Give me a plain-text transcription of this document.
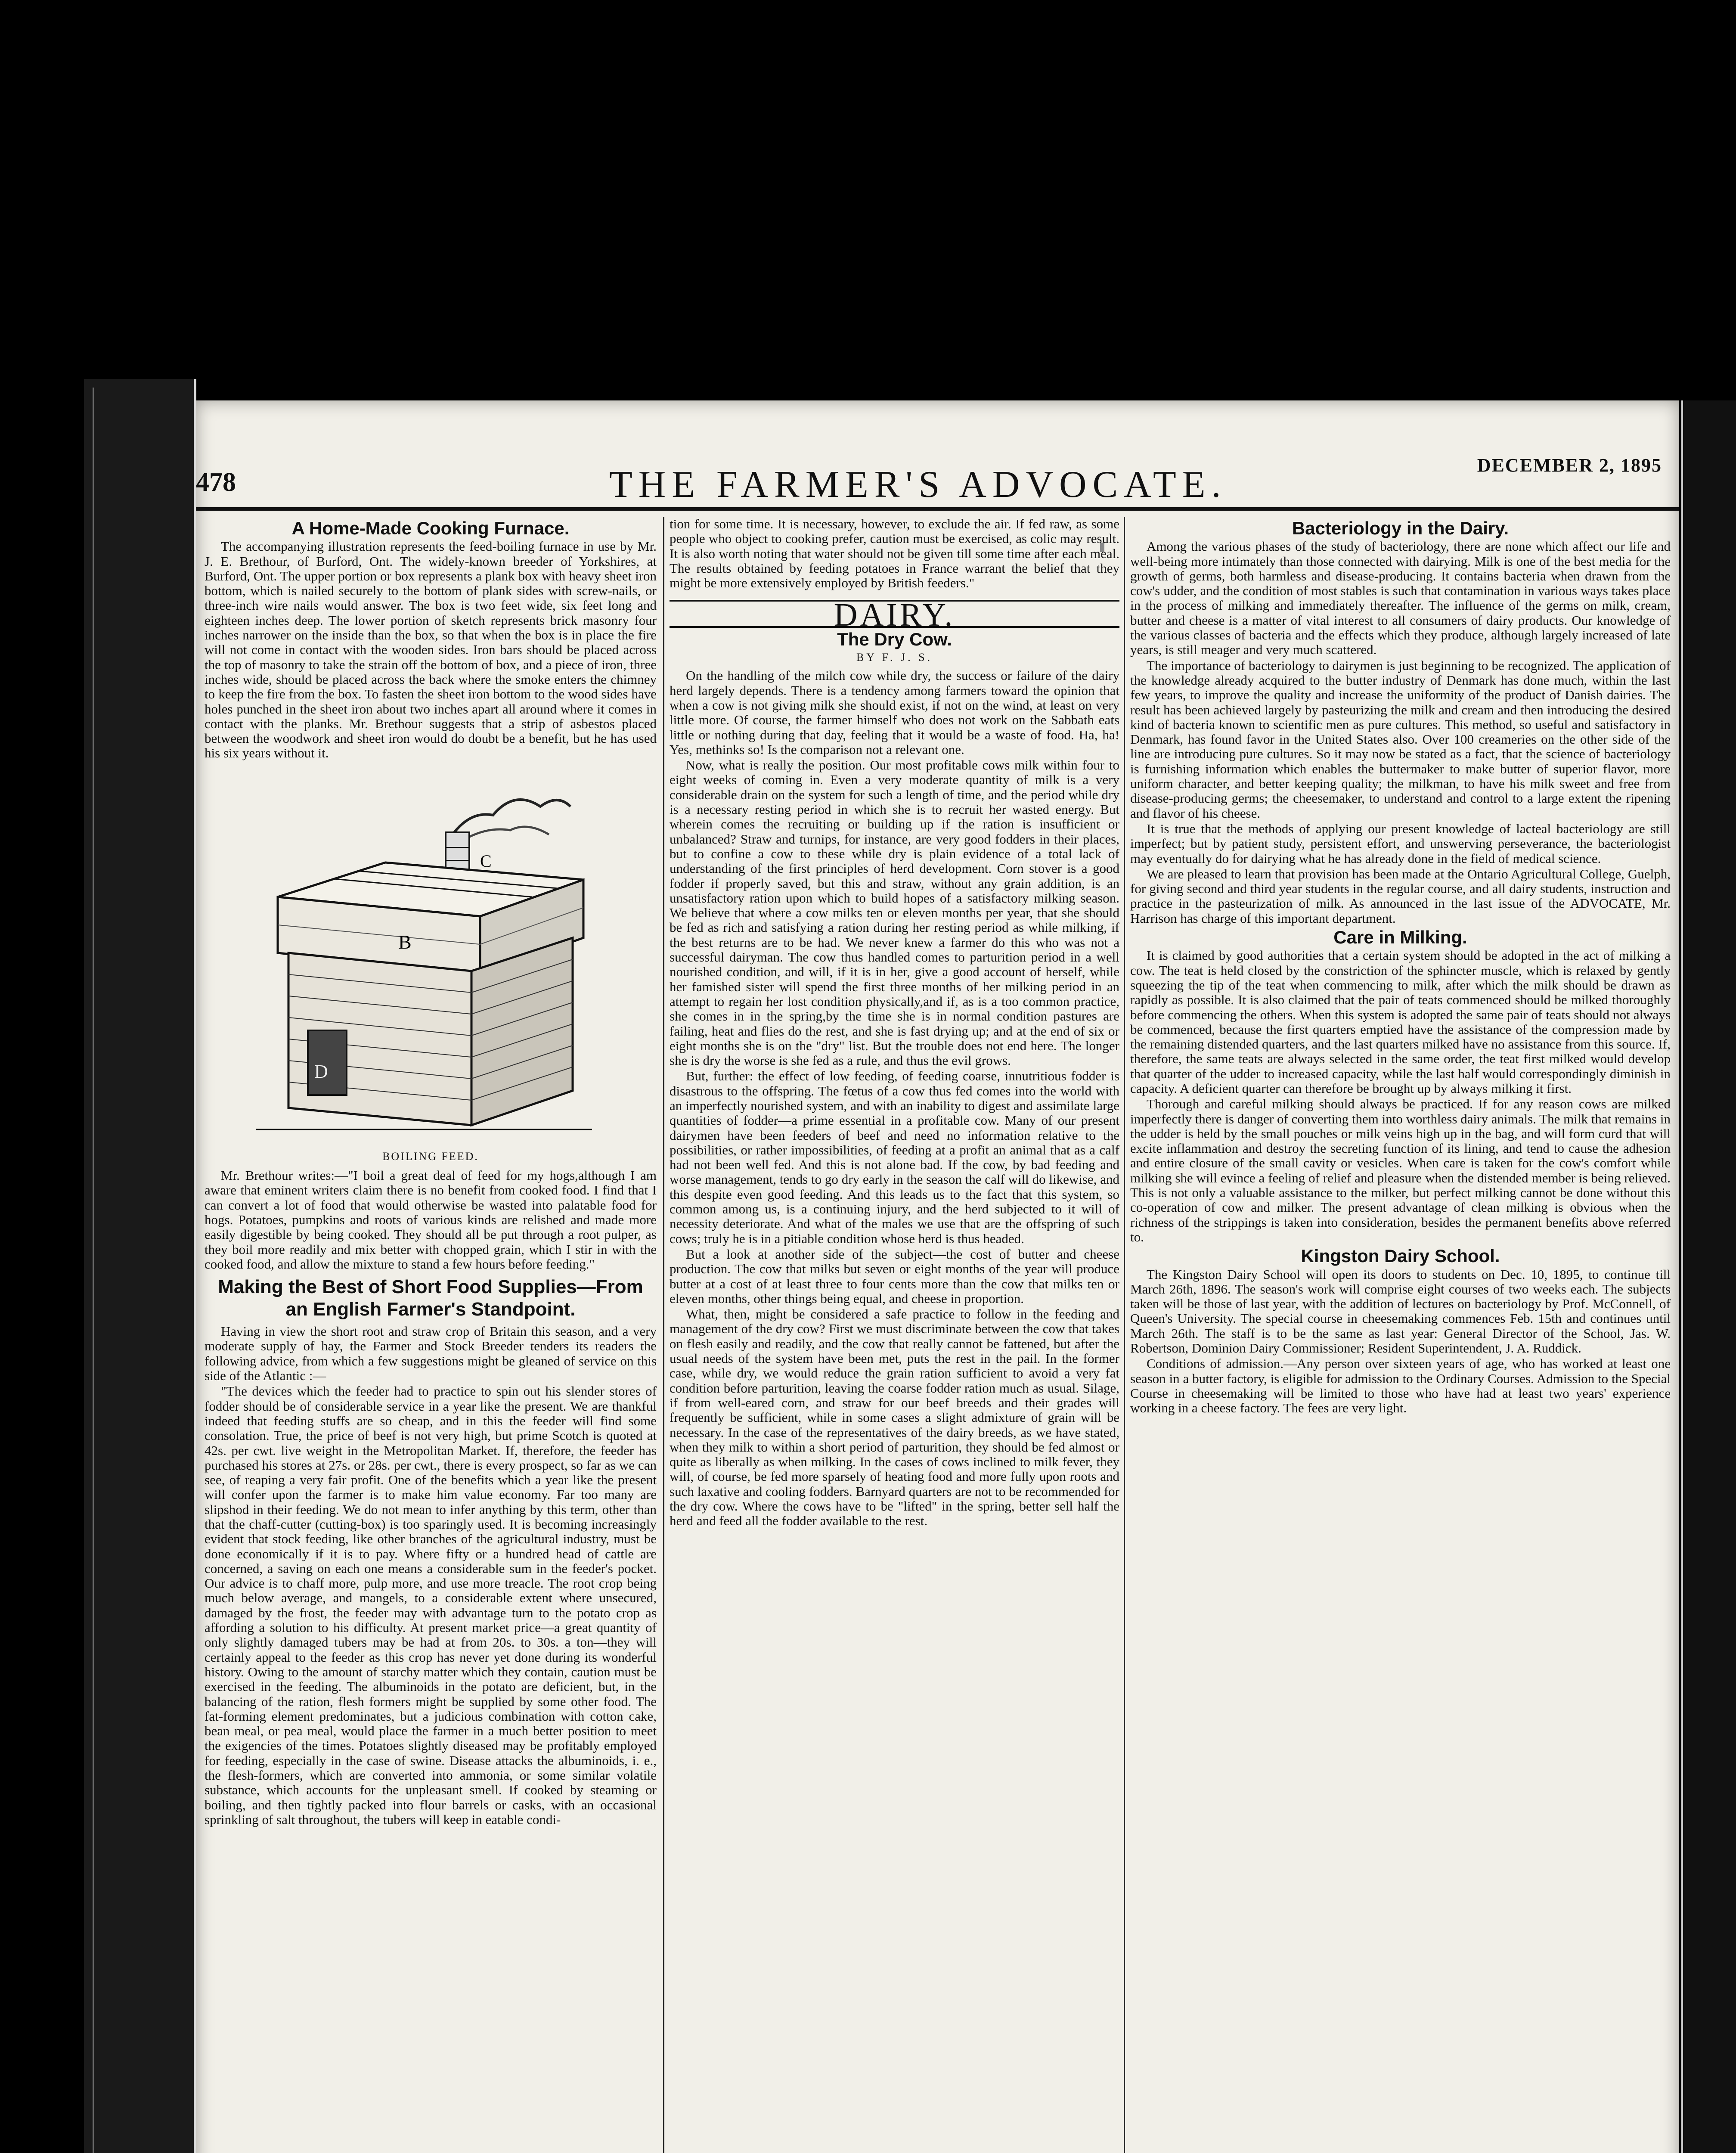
478	THE FARMER'S ADVOCATE.	DECEMBER 2, 1895
A Home-Made Cooking Furnace.

The accompanying illustration represents the feed-boiling furnace in use by Mr. J. E. Brethour, of Burford, Ont. The widely-known breeder of Yorkshires, at Burford, Ont. The upper portion or box represents a plank box with heavy sheet iron bottom, which is nailed securely to the bottom of plank sides with screw-nails, or three-inch wire nails would answer. The box is two feet wide, six feet long and eighteen inches deep. The lower portion of sketch represents brick masonry four inches narrower on the inside than the box, so that when the box is in place the fire will not come in contact with the wooden sides. Iron bars should be placed across the top of masonry to take the strain off the bottom of box, and a piece of iron, three inches wide, should be placed across the back where the smoke enters the chimney to keep the fire from the box. To fasten the sheet iron bottom to the wood sides have holes punched in the sheet iron about two inches apart all around where it comes in contact with the planks. Mr. Brethour suggests that a strip of asbestos placed between the woodwork and sheet iron would do doubt be a benefit, but he has used his six years without it.

C
B
D
BOILING FEED.

Mr. Brethour writes:—"I boil a great deal of feed for my hogs,although I am aware that eminent writers claim there is no benefit from cooked food. I find that I can convert a lot of food that would otherwise be wasted into palatable food for hogs. Potatoes, pumpkins and roots of various kinds are relished and made more easily digestible by being cooked. They should all be put through a root pulper, as they boil more readily and mix better with chopped grain, which I stir in with the cooked food, and allow the mixture to stand a few hours before feeding."

Making the Best of Short Food Supplies—From an English Farmer's Standpoint.

Having in view the short root and straw crop of Britain this season, and a very moderate supply of hay, the Farmer and Stock Breeder tenders its readers the following advice, from which a few suggestions might be gleaned of service on this side of the Atlantic :—

"The devices which the feeder had to practice to spin out his slender stores of fodder should be of considerable service in a year like the present. We are thankful indeed that feeding stuffs are so cheap, and in this the feeder will find some consolation. True, the price of beef is not very high, but prime Scotch is quoted at 42s. per cwt. live weight in the Metropolitan Market. If, therefore, the feeder has purchased his stores at 27s. or 28s. per cwt., there is every prospect, so far as we can see, of reaping a very fair profit. One of the benefits which a year like the present will confer upon the farmer is to make him value economy. Far too many are slipshod in their feeding. We do not mean to infer anything by this term, other than that the chaff-cutter (cutting-box) is too sparingly used. It is becoming increasingly evident that stock feeding, like other branches of the agricultural industry, must be done economically if it is to pay. Where fifty or a hundred head of cattle are concerned, a saving on each one means a considerable sum in the feeder's pocket. Our advice is to chaff more, pulp more, and use more treacle. The root crop being much below average, and mangels, to a considerable extent where unsecured, damaged by the frost, the feeder may with advantage turn to the potato crop as affording a solution to his difficulty. At present market price—a great quantity of only slightly damaged tubers may be had at from 20s. to 30s. a ton—they will certainly appeal to the feeder as this crop has never yet done during its wonderful history. Owing to the amount of starchy matter which they contain, caution must be exercised in the feeding. The albuminoids in the potato are deficient, but, in the balancing of the ration, flesh formers might be supplied by some other food. The fat-forming element predominates, but a judicious combination with cotton cake, bean meal, or pea meal, would place the farmer in a much better position to meet the exigencies of the times. Potatoes slightly diseased may be profitably employed for feeding, especially in the case of swine. Disease attacks the albuminoids, i. e., the flesh-formers, which are converted into ammonia, or some similar volatile substance, which accounts for the unpleasant smell. If cooked by steaming or boiling, and then tightly packed into flour barrels or casks, with an occasional sprinkling of salt throughout, the tubers will keep in eatable condi-

tion for some time. It is necessary, however, to exclude the air. If fed raw, as some people who object to cooking prefer, caution must be exercised, as colic may result. It is also worth noting that water should not be given till some time after each meal. The results obtained by feeding potatoes in France warrant the belief that they might be more extensively employed by British feeders."

DAIRY.
The Dry Cow.
BY F. J. S.

On the handling of the milch cow while dry, the success or failure of the dairy herd largely depends. There is a tendency among farmers toward the opinion that when a cow is not giving milk she should exist, if not on the wind, at least on very little more. Of course, the farmer himself who does not work on the Sabbath eats little or nothing during that day, feeling that it would be a waste of food. Ha, ha! Yes, methinks so! Is the comparison not a relevant one.

Now, what is really the position. Our most profitable cows milk within four to eight weeks of coming in. Even a very moderate quantity of milk is a very considerable drain on the system for such a length of time, and the period while dry is a necessary resting period in which she is to recruit her wasted energy. But wherein comes the recruiting or building up if the ration is insufficient or unbalanced? Straw and turnips, for instance, are very good fodders in their places, but to confine a cow to these while dry is plain evidence of a total lack of understanding of the first principles of herd development. Corn stover is a good fodder if properly saved, but this and straw, without any grain addition, is an unsatisfactory ration upon which to build hopes of a satisfactory milking season. We believe that where a cow milks ten or eleven months per year, that she should be fed as rich and satisfying a ration during her resting period as while milking, if the best returns are to be had. We never knew a farmer do this who was not a successful dairyman. The cow thus handled comes to parturition period in a well nourished condition, and will, if it is in her, give a good account of herself, while her famished sister will spend the first three months of her milking period in an attempt to regain her lost condition physically,and if, as is a too common practice, she comes in in the spring,by the time she is in normal condition pastures are failing, heat and flies do the rest, and she is fast drying up; and at the end of six or eight months she is on the "dry" list. But the trouble does not end here. The longer she is dry the worse is she fed as a rule, and thus the evil grows.

But, further: the effect of low feeding, of feeding coarse, innutritious fodder is disastrous to the offspring. The fœtus of a cow thus fed comes into the world with an imperfectly nourished system, and with an inability to digest and assimilate large quantities of fodder—a prime essential in a profitable cow. Many of our present dairymen have been feeders of beef and need no information relative to the possibilities, or rather impossibilities, of feeding at a profit an animal that as a calf had not been well fed. And this is not alone bad. If the cow, by bad feeding and worse management, tends to go dry early in the season the calf will do likewise, and this despite even good feeding. And this leads us to the fact that this system, so common among us, is a continuing injury, and the herd subjected to it will of necessity deteriorate. And what of the males we use that are the offspring of such cows; truly he is in a pitiable condition whose herd is thus headed.

But a look at another side of the subject—the cost of butter and cheese production. The cow that milks but seven or eight months of the year will produce butter at a cost of at least three to four cents more than the cow that milks ten or eleven months, other things being equal, and cheese in proportion.

What, then, might be considered a safe practice to follow in the feeding and management of the dry cow? First we must discriminate between the cow that takes on flesh easily and readily, and the cow that really cannot be fattened, but after the usual needs of the system have been met, puts the rest in the pail. In the former case, while dry, we would reduce the grain ration sufficient to avoid a very fat condition before parturition, leaving the coarse fodder ration much as usual. Silage, if from well-eared corn, and straw for our beef breeds and their grades will frequently be sufficient, while in some cases a slight admixture of grain will be necessary. In the case of the representatives of the dairy breeds, as we have stated, when they milk to within a short period of parturition, they should be fed almost or quite as liberally as when milking. In the cases of cows inclined to milk fever, they will, of course, be fed more sparsely of heating food and more fully upon roots and such laxative and cooling fodders. Barnyard quarters are not to be recommended for the dry cow. Where the cows have to be "lifted" in the spring, better sell half the herd and feed all the fodder available to the rest.

Bacteriology in the Dairy.

Among the various phases of the study of bacteriology, there are none which affect our life and well-being more intimately than those connected with dairying. Milk is one of the best media for the growth of germs, both harmless and disease-producing. It contains bacteria when drawn from the cow's udder, and the condition of most stables is such that contamination in various ways takes place in the process of milking and immediately thereafter. The influence of the germs on milk, cream, butter and cheese is a matter of vital interest to all consumers of dairy products. Our knowledge of the various classes of bacteria and the effects which they produce, although largely increased of late years, is still meager and very much scattered.

The importance of bacteriology to dairymen is just beginning to be recognized. The application of the knowledge already acquired to the butter industry of Denmark has done much, within the last few years, to improve the quality and increase the uniformity of the product of Danish dairies. The result has been achieved largely by pasteurizing the milk and cream and then introducing the desired kind of bacteria known to scientific men as pure cultures. This method, so useful and satisfactory in Denmark, has found favor in the United States also. Over 100 creameries on the other side of the line are introducing pure cultures. So it may now be stated as a fact, that the science of bacteriology is furnishing information which enables the buttermaker to make butter of superior flavor, more uniform character, and better keeping quality; the milkman, to have his milk sweet and free from disease-producing germs; the cheesemaker, to understand and control to a large extent the ripening and flavor of his cheese.

It is true that the methods of applying our present knowledge of lacteal bacteriology are still imperfect; but by patient study, persistent effort, and unswerving perseverance, the bacteriologist may eventually do for dairying what he has already done in the field of medical science.

We are pleased to learn that provision has been made at the Ontario Agricultural College, Guelph, for giving second and third year students in the regular course, and all dairy students, instruction and practice in the pasteurization of milk. As announced in the last issue of the ADVOCATE, Mr. Harrison has charge of this important department.

Care in Milking.

It is claimed by good authorities that a certain system should be adopted in the act of milking a cow. The teat is held closed by the constriction of the sphincter muscle, which is relaxed by gently squeezing the tip of the teat when commencing to milk, after which the milk should be drawn as rapidly as possible. It is also claimed that the pair of teats commenced should be milked thoroughly before commencing the others. When this system is adopted the same pair of teats should not always be commenced, because the first quarters emptied have the assistance of the compression made by the remaining distended quarters, and the last quarters milked have no assistance from this source. If, therefore, the same teats are always selected in the same order, the teat first milked would develop that quarter of the udder to increased capacity, while the last half would correspondingly diminish in capacity. A deficient quarter can therefore be brought up by always milking it first.

Thorough and careful milking should always be practiced. If for any reason cows are milked imperfectly there is danger of converting them into worthless dairy animals. The milk that remains in the udder is held by the small pouches or milk veins high up in the bag, and will form curd that will excite inflammation and destroy the secreting function of its lining, and tend to cause the adhesion and entire closure of the small cavity or vesicles. When care is taken for the cow's comfort while milking she will evince a feeling of relief and pleasure when the distended member is being relieved. This is not only a valuable assistance to the milker, but perfect milking cannot be done without this co-operation of cow and milker. The present advantage of clean milking is obvious when the richness of the strippings is taken into consideration, besides the permanent benefits above referred to.

Kingston Dairy School.

The Kingston Dairy School will open its doors to students on Dec. 10, 1895, to continue till March 26th, 1896. The season's work will comprise eight courses of two weeks each. The subjects taken will be those of last year, with the addition of lectures on bacteriology by Prof. McConnell, of Queen's University. The special course in cheesemaking commences Feb. 15th and continues until March 26th. The staff is to be the same as last year: General Director of the School, Jas. W. Robertson, Dominion Dairy Commissioner; Resident Superintendent, J. A. Ruddick.

Conditions of admission.—Any person over sixteen years of age, who has worked at least one season in a butter factory, is eligible for admission to the Ordinary Courses. Admission to the Special Course in cheesemaking will be limited to those who have had at least two years' experience working in a cheese factory. The fees are very light.
